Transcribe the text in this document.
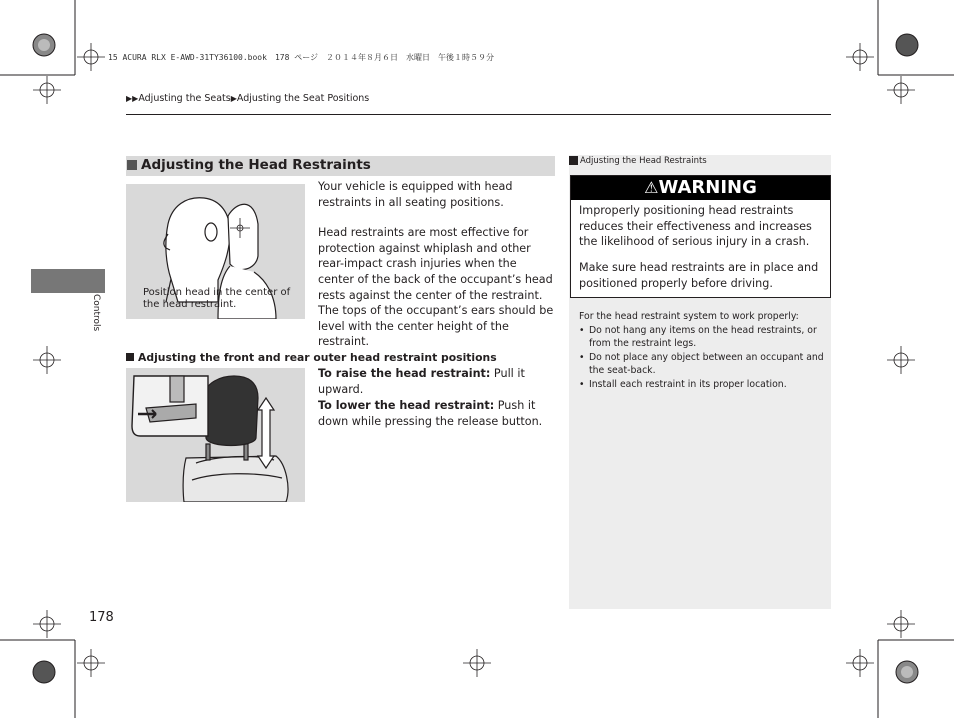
15 ACURA RLX E-AWD-31TY36100.book　178 ページ　２０１４年８月６日　水曜日　午後１時５９分
▶▶Adjusting the Seats▶Adjusting the Seat Positions
Controls
Adjusting the Head Restraints
Position head in the center of the head restraint.

Your vehicle is equipped with head restraints in all seating positions.

Head restraints are most effective for protection against whiplash and other rear-impact crash injuries when the center of the back of the occupant’s head rests against the center of the restraint. The tops of the occupant’s ears should be level with the center height of the restraint.

Adjusting the front and rear outer head restraint positions
To raise the head restraint: Pull it upward.
To lower the head restraint: Push it down while pressing the release button.
Adjusting the Head Restraints
⚠WARNING
Improperly positioning head restraints reduces their effectiveness and increases the likelihood of serious injury in a crash.
Make sure head restraints are in place and positioned properly before driving.
For the head restraint system to work properly:
• Do not hang any items on the head restraints, or from the restraint legs.
• Do not place any object between an occupant and the seat-back.
• Install each restraint in its proper location.
178
